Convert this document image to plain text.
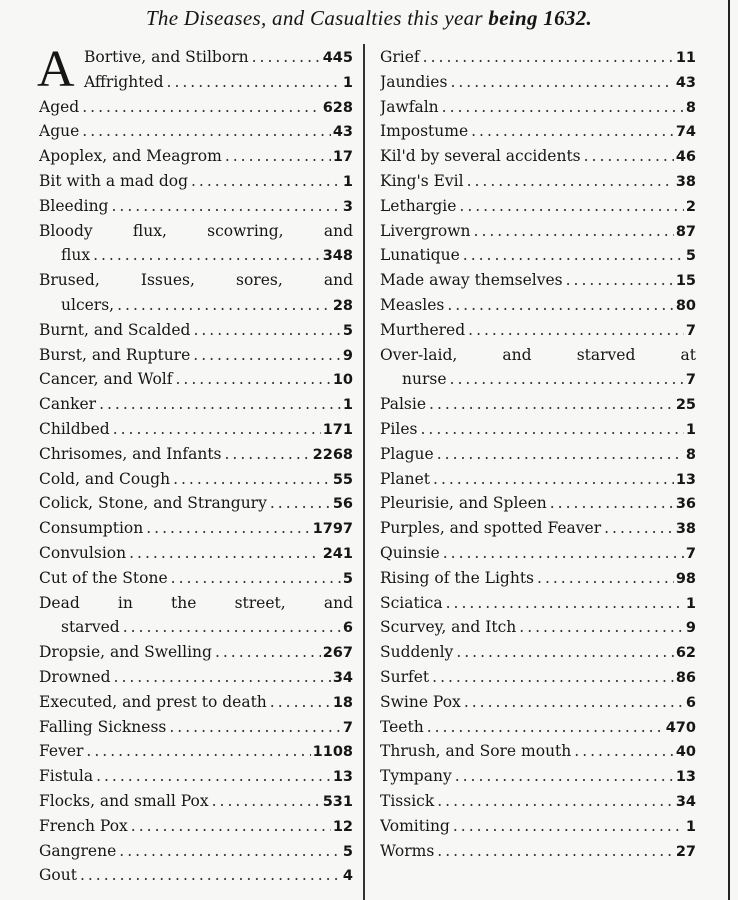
The Diseases, and Casualties this year being 1632.
A Bortive, and Stilborn .....	445
Affrighted .....	1
Aged .....	628
Ague .....	43
Apoplex, and Meagrom .....	17
Bit with a mad dog .....	1
Bleeding .....	3
Bloody flux, scowring, and
flux .....	348
Brused, Issues, sores, and
ulcers, .....	28
Burnt, and Scalded .....	5
Burst, and Rupture .....	9
Cancer, and Wolf .....	10
Canker .....	1
Childbed .....	171
Chrisomes, and Infants .....	2268
Cold, and Cough .....	55
Colick, Stone, and Strangury .....	56
Consumption .....	1797
Convulsion .....	241
Cut of the Stone .....	5
Dead in the street, and
starved .....	6
Dropsie, and Swelling .....	267
Drowned .....	34
Executed, and prest to death .....	18
Falling Sickness .....	7
Fever .....	1108
Fistula .....	13
Flocks, and small Pox .....	531
French Pox .....	12
Gangrene .....	5
Gout .....	4
Grief .....	11
Jaundies .....	43
Jawfaln .....	8
Impostume .....	74
Kil'd by several accidents .....	46
King's Evil .....	38
Lethargie .....	2
Livergrown .....	87
Lunatique .....	5
Made away themselves .....	15
Measles .....	80
Murthered .....	7
Over-laid, and starved at
nurse .....	7
Palsie .....	25
Piles .....	1
Plague .....	8
Planet .....	13
Pleurisie, and Spleen .....	36
Purples, and spotted Feaver .....	38
Quinsie .....	7
Rising of the Lights .....	98
Sciatica .....	1
Scurvey, and Itch .....	9
Suddenly .....	62
Surfet .....	86
Swine Pox .....	6
Teeth .....	470
Thrush, and Sore mouth .....	40
Tympany .....	13
Tissick .....	34
Vomiting .....	1
Worms .....	27
